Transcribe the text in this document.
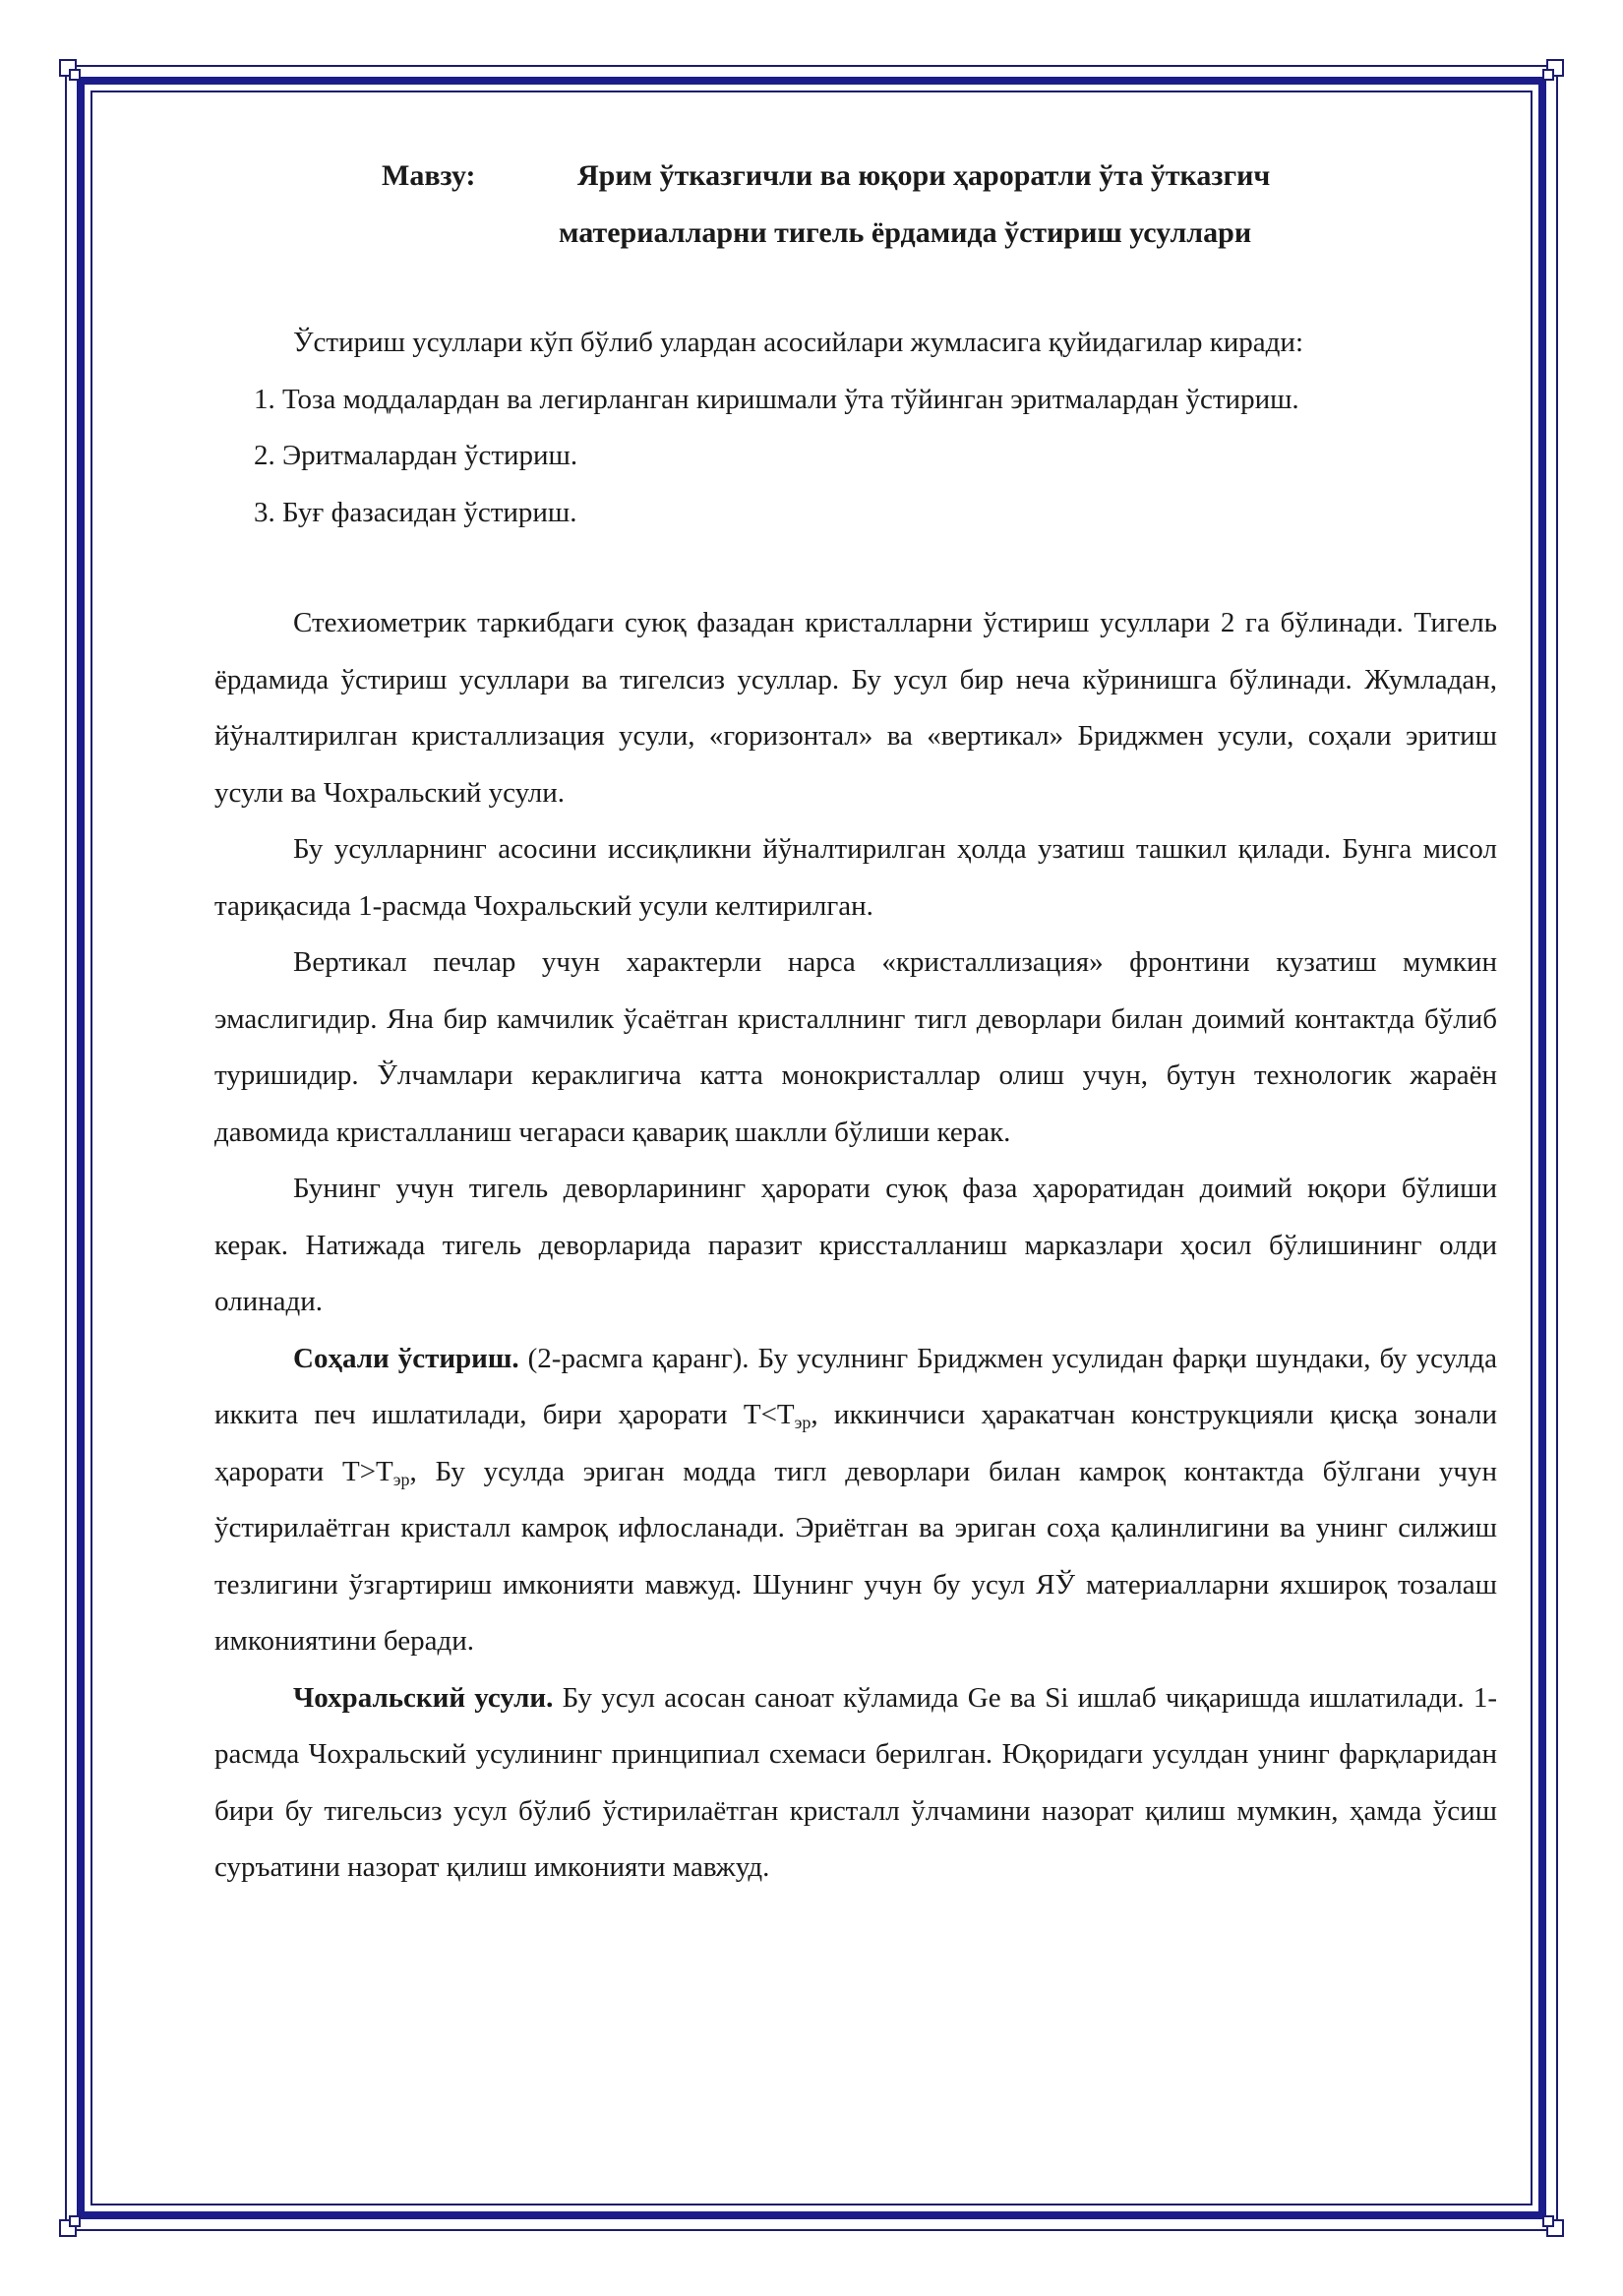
Мавзу:	Ярим ўтказгичли ва юқори ҳароратли ўта ўтказгич
материалларни тигель ёрдамида ўстириш усуллари

Ўстириш усуллари кўп бўлиб улардан асосийлари жумласига қуйидагилар киради:

1. Тоза моддалардан ва легирланган киришмали ўта тўйинган эритмалардан ўстириш.
2. Эритмалардан ўстириш.
3. Буғ фазасидан ўстириш.

Стехиометрик таркибдаги суюқ фазадан кристалларни ўстириш усуллари 2 га бўлинади. Тигель ёрдамида ўстириш усуллари ва тигелсиз усуллар. Бу усул бир неча кўринишга бўлинади. Жумладан, йўналтирилган кристаллизация усули, «горизонтал» ва «вертикал» Бриджмен усули, соҳали эритиш усули ва Чохральский усули.

Бу усулларнинг асосини иссиқликни йўналтирилган ҳолда узатиш ташкил қилади. Бунга мисол тариқасида 1-расмда Чохральский усули келтирилган.

Вертикал печлар учун характерли нарса «кристаллизация» фронтини кузатиш мумкин эмаслигидир. Яна бир камчилик ўсаётган кристаллнинг тигл деворлари билан доимий контактда бўлиб туришидир. Ўлчамлари кераклигича катта монокристаллар олиш учун, бутун технологик жараён давомида кристалланиш чегараси қавариқ шаклли бўлиши керак.

Бунинг учун тигель деворларининг ҳарорати суюқ фаза ҳароратидан доимий юқори бўлиши керак. Натижада тигель деворларида паразит криссталланиш марказлари ҳосил бўлишининг олди олинади.

Соҳали ўстириш. (2-расмга қаранг). Бу усулнинг Бриджмен усулидан фарқи шундаки, бу усулда иккита печ ишлатилади, бири ҳарорати $T<T_{эр}$, иккинчиси ҳаракатчан конструкцияли қисқа зонали ҳарорати $T>T_{эр}$, Бу усулда эриган модда тигл деворлари билан камроқ контактда бўлгани учун ўстирилаётган кристалл камроқ ифлосланади. Эриётган ва эриган соҳа қалинлигини ва унинг силжиш тезлигини ўзгартириш имконияти мавжуд. Шунинг учун бу усул ЯЎ материалларни яхшироқ тозалаш имкониятини беради.

Чохральский усули. Бу усул асосан саноат кўламида Ge ва Si ишлаб чиқаришда ишлатилади. 1-расмда Чохральский усулининг принципиал схемаси берилган. Юқоридаги усулдан унинг фарқларидан бири бу тигельсиз усул бўлиб ўстирилаётган кристалл ўлчамини назорат қилиш мумкин, ҳамда ўсиш суръатини назорат қилиш имконияти мавжуд.
